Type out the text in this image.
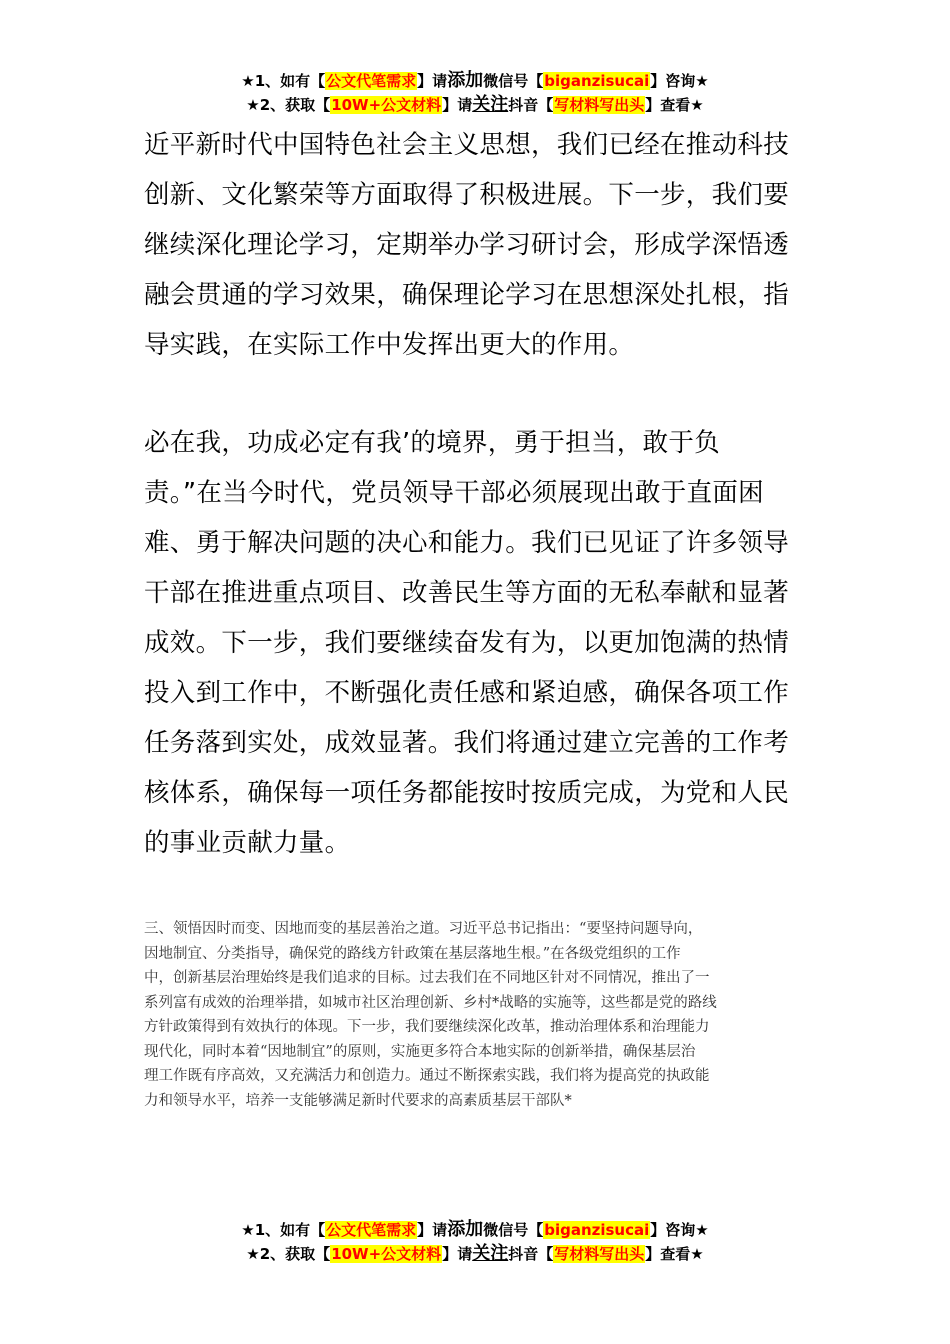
★1、如有【公文代笔需求】请添加微信号【biganzisucai】咨询★
★2、获取【10W+公文材料】请关注抖音【写材料写出头】查看★
近平新时代中国特色社会主义思想，我们已经在推动科技
创新、文化繁荣等方面取得了积极进展。下一步，我们要
继续深化理论学习，定期举办学习研讨会，形成学深悟透
融会贯通的学习效果，确保理论学习在思想深处扎根，指
导实践，在实际工作中发挥出更大的作用。
必在我，功成必定有我’的境界，勇于担当，敢于负
责。”在当今时代，党员领导干部必须展现出敢于直面困
难、勇于解决问题的决心和能力。我们已见证了许多领导
干部在推进重点项目、改善民生等方面的无私奉献和显著
成效。下一步，我们要继续奋发有为，以更加饱满的热情
投入到工作中，不断强化责任感和紧迫感，确保各项工作
任务落到实处，成效显著。我们将通过建立完善的工作考
核体系，确保每一项任务都能按时按质完成，为党和人民
的事业贡献力量。
三、领悟因时而变、因地而变的基层善治之道。习近平总书记指出：“要坚持问题导向，
因地制宜、分类指导，确保党的路线方针政策在基层落地生根。”在各级党组织的工作
中，创新基层治理始终是我们追求的目标。过去我们在不同地区针对不同情况，推出了一
系列富有成效的治理举措，如城市社区治理创新、乡村*战略的实施等，这些都是党的路线
方针政策得到有效执行的体现。下一步，我们要继续深化改革，推动治理体系和治理能力
现代化，同时本着“因地制宜”的原则，实施更多符合本地实际的创新举措，确保基层治
理工作既有序高效，又充满活力和创造力。通过不断探索实践，我们将为提高党的执政能
力和领导水平，培养一支能够满足新时代要求的高素质基层干部队*
★1、如有【公文代笔需求】请添加微信号【biganzisucai】咨询★
★2、获取【10W+公文材料】请关注抖音【写材料写出头】查看★
